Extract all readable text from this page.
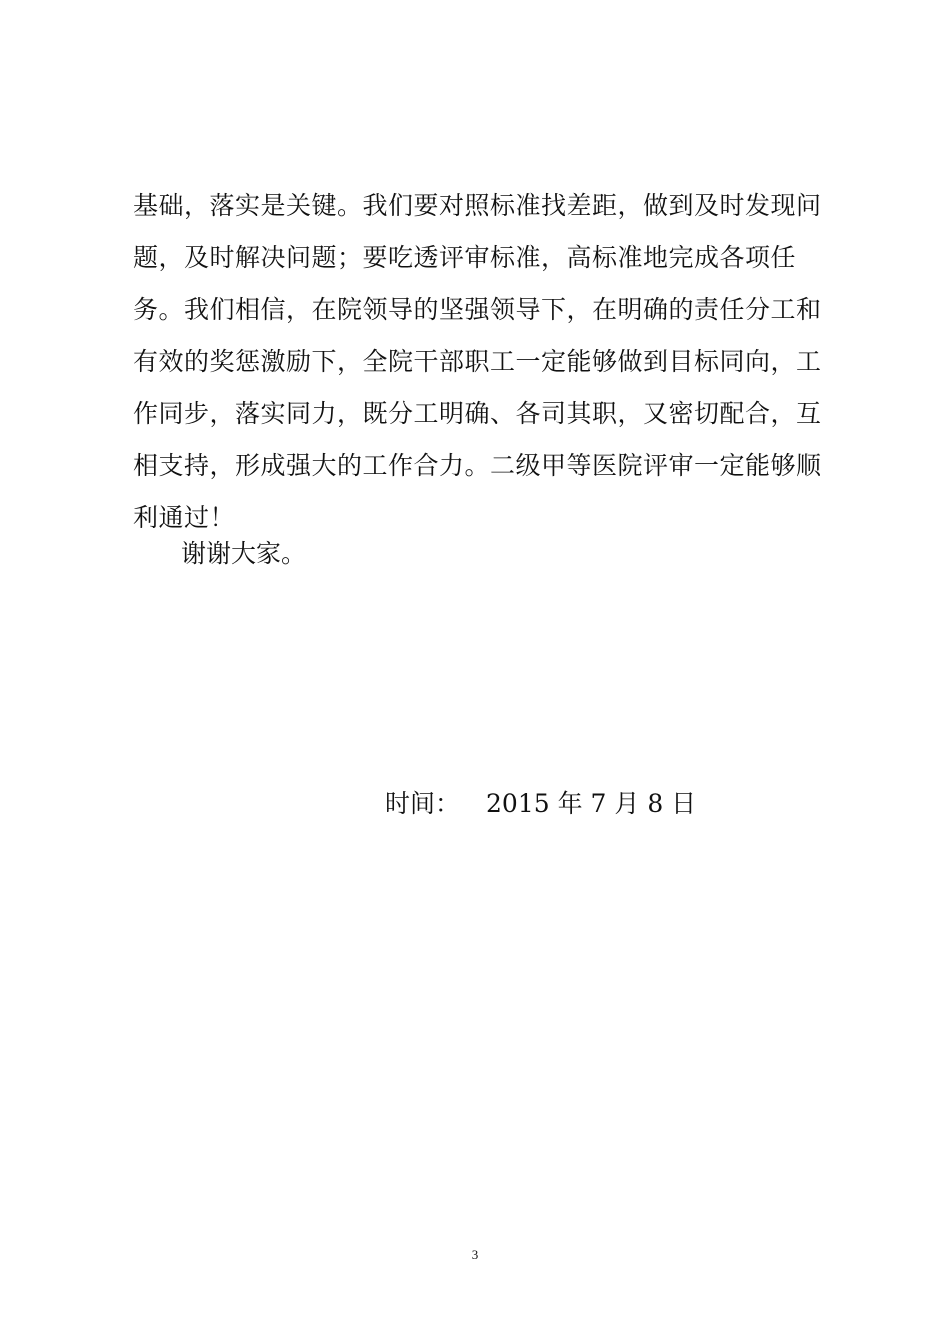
基础，落实是关键。我们要对照标准找差距，做到及时发现问
题，及时解决问题；要吃透评审标准，高标准地完成各项任
务。我们相信，在院领导的坚强领导下，在明确的责任分工和
有效的奖惩激励下，全院干部职工一定能够做到目标同向，工
作同步，落实同力，既分工明确、各司其职，又密切配合，互
相支持，形成强大的工作合力。二级甲等医院评审一定能够顺
利通过！

谢谢大家。

时间： 2015 年 7 月 8 日

3
